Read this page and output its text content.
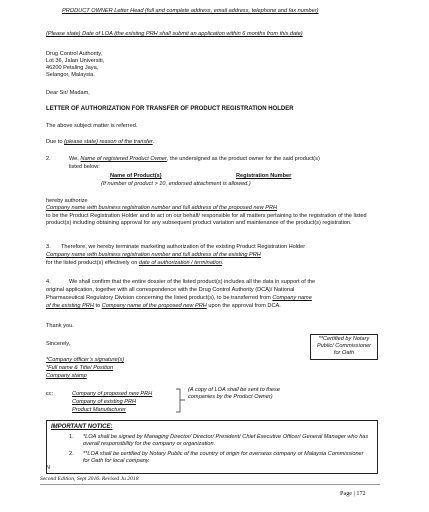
PRODUCT OWNER Letter Head (full and complete address, email address, telephone and fax number)
(Please state) Date of LOA (the existing PRH shall submit an application within 6 months from this date)
Drug Control Authority,
Lot 36, Jalan Universiti,
46200 Petaling Jaya,
Selangor, Malaysia.
Dear Sir/ Madam,
LETTER OF AUTHORIZATION FOR TRANSFER OF PRODUCT REGISTRATION HOLDER
The above subject matter is referred.
Due to (please state) reason of the transfer.
2.	We, Name of registered Product Owner, the undersigned as the product owner for the said product(s)
listed below:
Name of Product(s)	Registration Number
(If number of product > 10, endorsed attachment is allowed.)
hereby authorize
Company name with business registration number and full address of the proposed new PRH
to be the Product Registration Holder and to act on our behalf/ responsible for all matters pertaining to the registration of the listed product(s) including obtaining approval for any subsequent product variation and maintenance of the product(s) registration.
3. Therefore, we hereby terminate marketing authorization of the existing Product Registration Holder
Company name with business registration number and full address of the existing PRH
for the listed product(s) effectively on date of authorization / termination.
4.	We shall confirm that the entire dossier of the listed product(s) includes all the data in support of the
original application, together with all correspondence with the Drug Control Authority (DCA)/ National
Pharmaceutical Regulatory Division concerning the listed product(s), to be transferred from Company name
of the existing PRH to Company name of the proposed new PRH upon the approval from DCA.
Thank you.
Sincerely,
**Certified by Notary Public/ Commissioner for Oath
*Company officer’s signature(s)
*Full name & Title/ Position
Company stamp
cc:	Company of proposed new PRH
Company of existing PRH
Product Manufacturer
(A copy of LOA shall be sent to these companies by the Product Owner)
IMPORTANT NOTICE:
1. *LOA shall be signed by Managing Director/ Director/ President/ Chief Executive Officer/ General Manager who has overall responsibility for the company or organization.
2. **LOA shall be certified by Notary Public of the country of origin for overseas company or Malaysia Commissioner for Oath for local company.
N
Second Edition, Sept 2016. Revised Ju 2018
Page | 172
